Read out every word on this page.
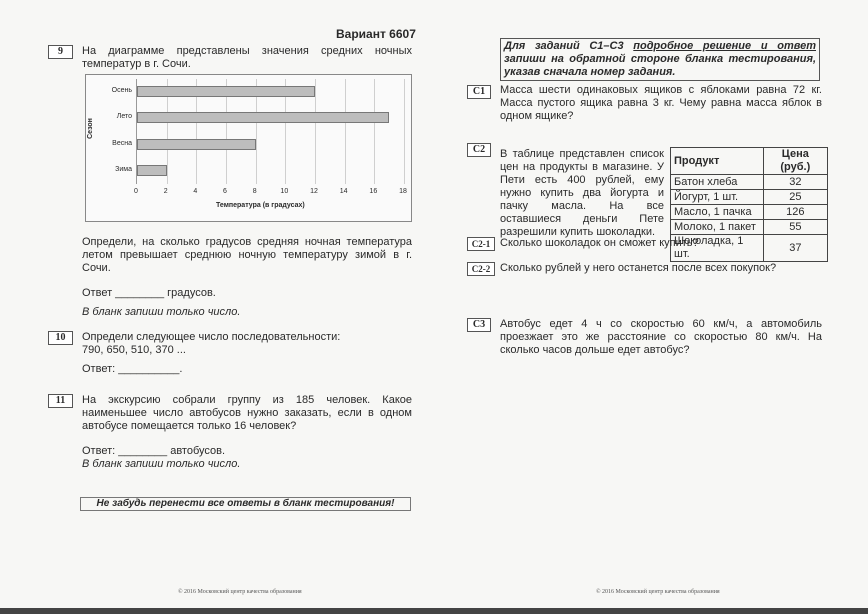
Вариант 6607
9	На диаграмме представлены значения средних ночных температур в г. Сочи.
Сезон
Осень
Лето
Весна
Зима
0	2	4	6	8	10	12	14	16	18
Температура (в градусах)
Определи, на сколько градусов средняя ночная температура летом превышает среднюю ночную температуру зимой в г. Сочи.
Ответ ________ градусов.
В бланк запиши только число.
10	Определи следующее число последовательности:
790, 650, 510, 370 ...
Ответ: __________.
11	На экскурсию собрали группу из 185 человек. Какое наименьшее число автобусов нужно заказать, если в одном автобусе помещается только 16 человек?
Ответ: ________ автобусов.
В бланк запиши только число.
Не забудь перенести все ответы в бланк тестирования!
Для заданий С1–С3 подробное решение и ответ запиши на обратной стороне бланка тестирования, указав сначала номер задания.
C1	Масса шести одинаковых ящиков с яблоками равна 72 кг. Масса пустого ящика равна 3 кг. Чему равна масса яблок в одном ящике?
C2	В таблице представлен список цен на продукты в магазине. У Пети есть 400 рублей, ему нужно купить два йогурта и пачку масла. На все оставшиеся деньги Пете разрешили купить шоколадки.
Продукт	Цена (руб.)
Батон хлеба	32
Йогурт, 1 шт.	25
Масло, 1 пачка	126
Молоко, 1 пакет	55
Шоколадка, 1 шт.	37
C2-1 Сколько шоколадок он сможет купить?
C2-2 Сколько рублей у него останется после всех покупок?
C3	Автобус едет 4 ч со скоростью 60 км/ч, а автомобиль проезжает это же расстояние со скоростью 80 км/ч. На сколько часов дольше едет автобус?
© 2016 Московский центр качества образования	© 2016 Московский центр качества образования
